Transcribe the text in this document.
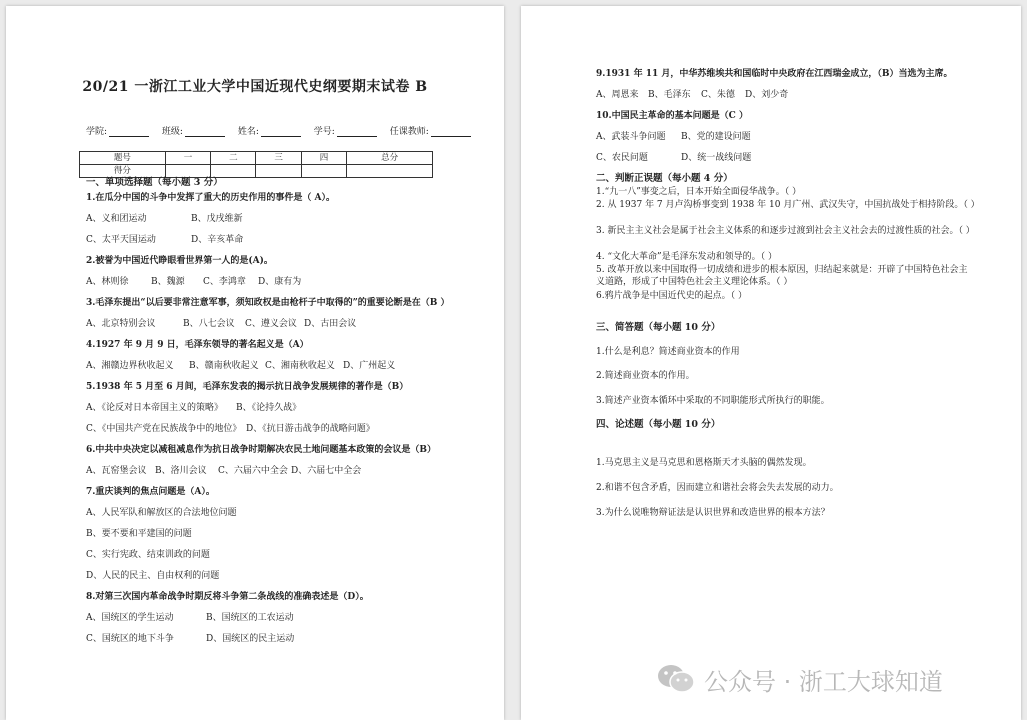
20/21 一浙江工业大学中国近现代史纲要期末试卷 B
学院:	班级:	姓名:	学号:	任课教师:
题号	一	二	三	四	总分
得分					
一、单项选择题（每小题 3 分）
1.在瓜分中国的斗争中发挥了重大的历史作用的事件是（ A）。
A、义和团运动	B、戊戌维新
C、太平天国运动	D、辛亥革命
2.被誉为中国近代睁眼看世界第一人的是(A)。
A、林则徐	B、魏源 C、李鸿章 D、康有为
3.毛泽东提出“以后要非常注意军事，须知政权是由枪杆子中取得的”的重要论断是在（B ）
A、北京特别会议	B、八七会议 C、遵义会议 D、古田会议
4.1927 年 9 月 9 日，毛泽东领导的著名起义是（A）
A、湘赣边界秋收起义 B、赣南秋收起义 C、湘南秋收起义 D、广州起义
5.1938 年 5 月至 6 月间，毛泽东发表的揭示抗日战争发展规律的著作是（B）
A、《论反对日本帝国主义的策略》 B、《论持久战》
C、《中国共产党在民族战争中的地位》 D、《抗日游击战争的战略问题》
6.中共中央决定以减租减息作为抗日战争时期解决农民土地问题基本政策的会议是（B）
A、瓦窑堡会议 B、洛川会议 C、六届六中全会 D、六届七中全会
7.重庆谈判的焦点问题是（A）。
A、人民军队和解放区的合法地位问题
B、要不要和平建国的问题
C、实行宪政、结束训政的问题
D、人民的民主、自由权利的问题
8.对第三次国内革命战争时期反将斗争第二条战线的准确表述是（D）。
A、国统区的学生运动	B、国统区的工农运动
C、国统区的地下斗争	D、国统区的民主运动
9.1931 年 11 月，中华苏维埃共和国临时中央政府在江西瑞金成立，（B）当选为主席。
A、周恩来 B、毛泽东 C、朱德 D、刘少奇
10.中国民主革命的基本问题是（C ）
A、武装斗争问题 B、党的建设问题
C、农民问题	D、统一战线问题
二、判断正误题（每小题 4 分）
1.“九一八”事变之后，日本开始全面侵华战争。（ ）
2. 从 1937 年 7 月卢沟桥事变到 1938 年 10 月广州、武汉失守，中国抗战处于相持阶段。（ ）
3. 新民主主义社会是属于社会主义体系的和逐步过渡到社会主义社会去的过渡性质的社会。（ ）
4. “文化大革命”是毛泽东发动和领导的。（ ）
5. 改革开放以来中国取得一切成绩和进步的根本原因，归结起来就是：开辟了中国特色社会主义道路，形成了中国特色社会主义理论体系。（ ）
6.鸦片战争是中国近代史的起点。（ ）
三、简答题（每小题 10 分）
1.什么是利息？简述商业资本的作用
2.简述商业资本的作用。
3.简述产业资本循环中采取的不同职能形式所执行的职能。
四、论述题（每小题 10 分）
1.马克思主义是马克思和恩格斯天才头脑的偶然发现。
2.和谐不包含矛盾，因而建立和谐社会将会失去发展的动力。
3.为什么说唯物辩证法是认识世界和改造世界的根本方法？
公众号 · 浙工大球知道
